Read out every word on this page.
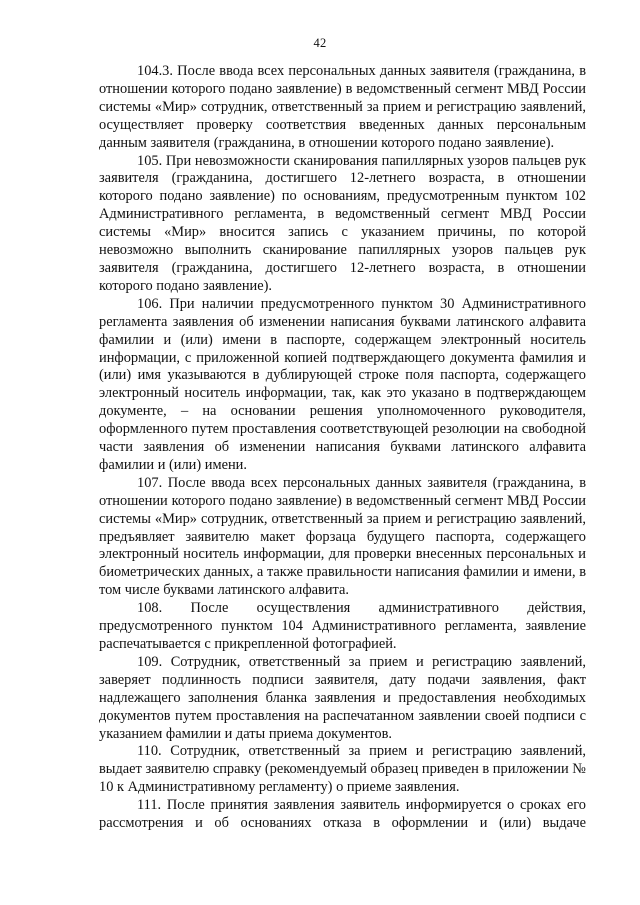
42

104.3. После ввода всех персональных данных заявителя (гражданина, в отношении которого подано заявление) в ведомственный сегмент МВД России системы «Мир» сотрудник, ответственный за прием и регистрацию заявлений, осуществляет проверку соответствия введенных данных персональным данным заявителя (гражданина, в отношении которого подано заявление).

105. При невозможности сканирования папиллярных узоров пальцев рук заявителя (гражданина, достигшего 12-летнего возраста, в отношении которого подано заявление) по основаниям, предусмотренным пунктом 102 Административного регламента, в ведомственный сегмент МВД России системы «Мир» вносится запись с указанием причины, по которой невозможно выполнить сканирование папиллярных узоров пальцев рук заявителя (гражданина, достигшего 12-летнего возраста, в отношении которого подано заявление).

106. При наличии предусмотренного пунктом 30 Административного регламента заявления об изменении написания буквами латинского алфавита фамилии и (или) имени в паспорте, содержащем электронный носитель информации, с приложенной копией подтверждающего документа фамилия и (или) имя указываются в дублирующей строке поля паспорта, содержащего электронный носитель информации, так, как это указано в подтверждающем документе, – на основании решения уполномоченного руководителя, оформленного путем проставления соответствующей резолюции на свободной части заявления об изменении написания буквами латинского алфавита фамилии и (или) имени.

107. После ввода всех персональных данных заявителя (гражданина, в отношении которого подано заявление) в ведомственный сегмент МВД России системы «Мир» сотрудник, ответственный за прием и регистрацию заявлений, предъявляет заявителю макет форзаца будущего паспорта, содержащего электронный носитель информации, для проверки внесенных персональных и биометрических данных, а также правильности написания фамилии и имени, в том числе буквами латинского алфавита.

108. После осуществления административного действия, предусмотренного пунктом 104 Административного регламента, заявление распечатывается с прикрепленной фотографией.

109. Сотрудник, ответственный за прием и регистрацию заявлений, заверяет подлинность подписи заявителя, дату подачи заявления, факт надлежащего заполнения бланка заявления и предоставления необходимых документов путем проставления на распечатанном заявлении своей подписи с указанием фамилии и даты приема документов.

110. Сотрудник, ответственный за прием и регистрацию заявлений, выдает заявителю справку (рекомендуемый образец приведен в приложении № 10 к Административному регламенту) о приеме заявления.

111. После принятия заявления заявитель информируется о сроках его рассмотрения и об основаниях отказа в оформлении и (или) выдаче
